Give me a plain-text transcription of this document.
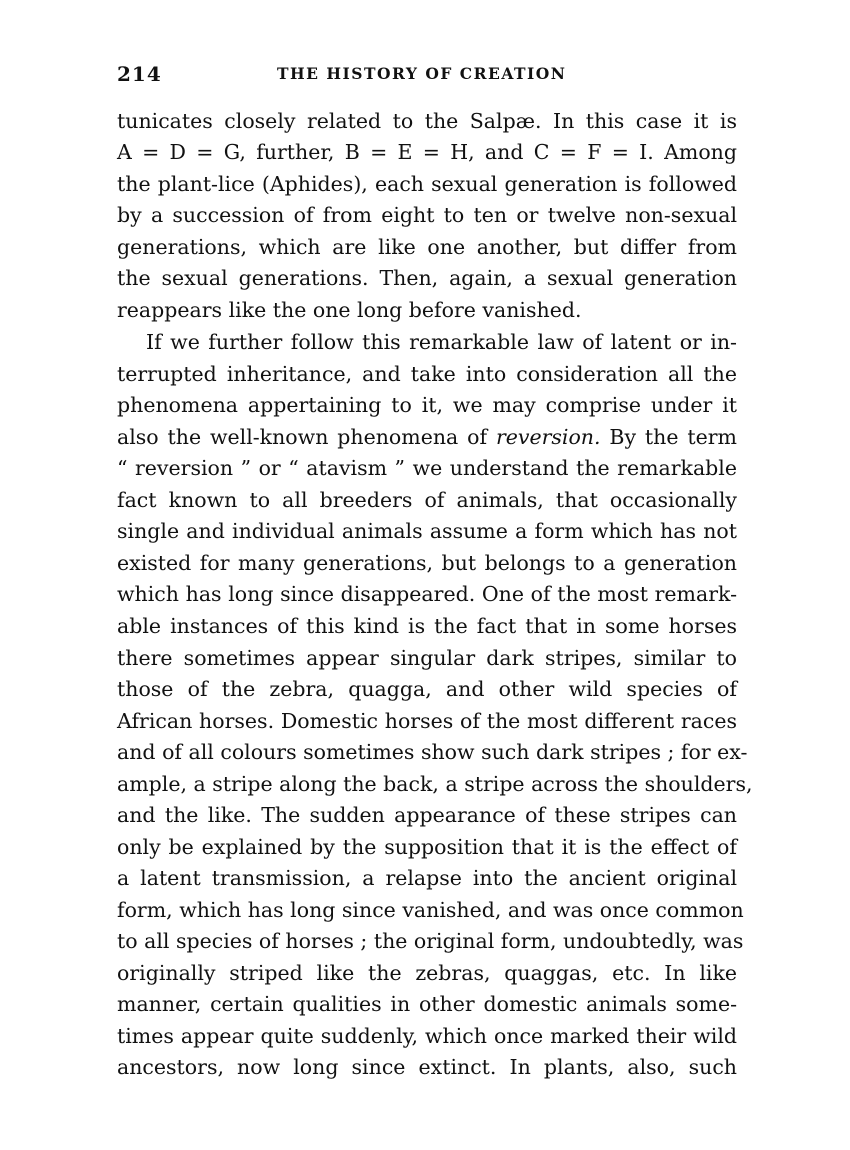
214	THE HISTORY OF CREATION
tunicates closely related to the Salpæ. In this case it is
A = D = G, further, B = E = H, and C = F = I. Among
the plant-lice (Aphides), each sexual generation is followed
by a succession of from eight to ten or twelve non-sexual
generations, which are like one another, but differ from
the sexual generations. Then, again, a sexual generation
reappears like the one long before vanished.
If we further follow this remarkable law of latent or in-
terrupted inheritance, and take into consideration all the
phenomena appertaining to it, we may comprise under it
also the well-known phenomena of reversion. By the term
“ reversion ” or “ atavism ” we understand the remarkable
fact known to all breeders of animals, that occasionally
single and individual animals assume a form which has not
existed for many generations, but belongs to a generation
which has long since disappeared. One of the most remark-
able instances of this kind is the fact that in some horses
there sometimes appear singular dark stripes, similar to
those of the zebra, quagga, and other wild species of
African horses. Domestic horses of the most different races
and of all colours sometimes show such dark stripes ; for ex-
ample, a stripe along the back, a stripe across the shoulders,
and the like. The sudden appearance of these stripes can
only be explained by the supposition that it is the effect of
a latent transmission, a relapse into the ancient original
form, which has long since vanished, and was once common
to all species of horses ; the original form, undoubtedly, was
originally striped like the zebras, quaggas, etc. In like
manner, certain qualities in other domestic animals some-
times appear quite suddenly, which once marked their wild
ancestors, now long since extinct. In plants, also, such
